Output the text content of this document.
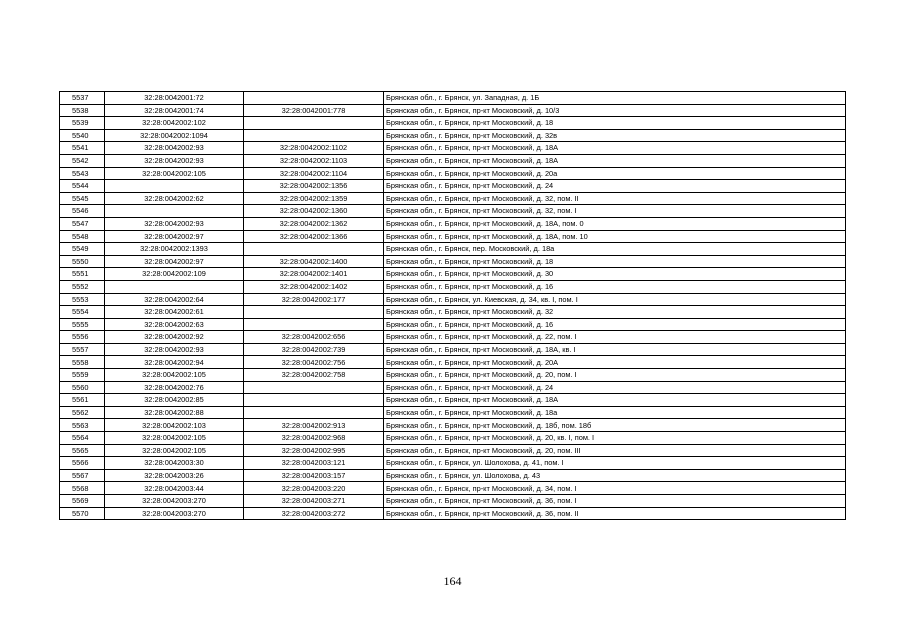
5537	32:28:0042001:72		Брянская обл., г. Брянск, ул. Западная, д. 1Б
5538	32:28:0042001:74	32:28:0042001:778	Брянская обл., г. Брянск, пр-кт Московский, д. 10/3
5539	32:28:0042002:102		Брянская обл., г. Брянск, пр-кт Московский, д. 18
5540	32:28:0042002:1094		Брянская обл., г. Брянск, пр-кт Московский, д. 32в
5541	32:28:0042002:93	32:28:0042002:1102	Брянская обл., г. Брянск, пр-кт Московский, д. 18А
5542	32:28:0042002:93	32:28:0042002:1103	Брянская обл., г. Брянск, пр-кт Московский, д. 18А
5543	32:28:0042002:105	32:28:0042002:1104	Брянская обл., г. Брянск, пр-кт Московский, д. 20а
5544		32:28:0042002:1356	Брянская обл., г. Брянск, пр-кт Московский, д. 24
5545	32:28:0042002:62	32:28:0042002:1359	Брянская обл., г. Брянск, пр-кт Московский, д. 32, пом. II
5546		32:28:0042002:1360	Брянская обл., г. Брянск, пр-кт Московский, д. 32, пом. I
5547	32:28:0042002:93	32:28:0042002:1362	Брянская обл., г. Брянск, пр-кт Московский, д. 18А, пом. 0
5548	32:28:0042002:97	32:28:0042002:1366	Брянская обл., г. Брянск, пр-кт Московский, д. 18А, пом. 10
5549	32:28:0042002:1393		Брянская обл., г. Брянск, пер. Московский, д. 18а
5550	32:28:0042002:97	32:28:0042002:1400	Брянская обл., г. Брянск, пр-кт Московский, д. 18
5551	32:28:0042002:109	32:28:0042002:1401	Брянская обл., г. Брянск, пр-кт Московский, д. 30
5552		32:28:0042002:1402	Брянская обл., г. Брянск, пр-кт Московский, д. 16
5553	32:28:0042002:64	32:28:0042002:177	Брянская обл., г. Брянск, ул. Киевская, д. 34, кв. I, пом. I
5554	32:28:0042002:61		Брянская обл., г. Брянск, пр-кт Московский, д. 32
5555	32:28:0042002:63		Брянская обл., г. Брянск, пр-кт Московский, д. 16
5556	32:28:0042002:92	32:28:0042002:656	Брянская обл., г. Брянск, пр-кт Московский, д. 22, пом. I
5557	32:28:0042002:93	32:28:0042002:739	Брянская обл., г. Брянск, пр-кт Московский, д. 18А, кв. I
5558	32:28:0042002:94	32:28:0042002:756	Брянская обл., г. Брянск, пр-кт Московский, д. 20А
5559	32:28:0042002:105	32:28:0042002:758	Брянская обл., г. Брянск, пр-кт Московский, д. 20, пом. I
5560	32:28:0042002:76		Брянская обл., г. Брянск, пр-кт Московский, д. 24
5561	32:28:0042002:85		Брянская обл., г. Брянск, пр-кт Московский, д. 18А
5562	32:28:0042002:88		Брянская обл., г. Брянск, пр-кт Московский, д. 18а
5563	32:28:0042002:103	32:28:0042002:913	Брянская обл., г. Брянск, пр-кт Московский, д. 18б, пом. 18б
5564	32:28:0042002:105	32:28:0042002:968	Брянская обл., г. Брянск, пр-кт Московский, д. 20, кв. I, пом. I
5565	32:28:0042002:105	32:28:0042002:995	Брянская обл., г. Брянск, пр-кт Московский, д. 20, пом. III
5566	32:28:0042003:30	32:28:0042003:121	Брянская обл., г. Брянск, ул. Шолохова, д. 41, пом. I
5567	32:28:0042003:26	32:28:0042003:157	Брянская обл., г. Брянск, ул. Шолохова, д. 43
5568	32:28:0042003:44	32:28:0042003:220	Брянская обл., г. Брянск, пр-кт Московский, д. 34, пом. I
5569	32:28:0042003:270	32:28:0042003:271	Брянская обл., г. Брянск, пр-кт Московский, д. 36, пом. I
5570	32:28:0042003:270	32:28:0042003:272	Брянская обл., г. Брянск, пр-кт Московский, д. 36, пом. II
164
